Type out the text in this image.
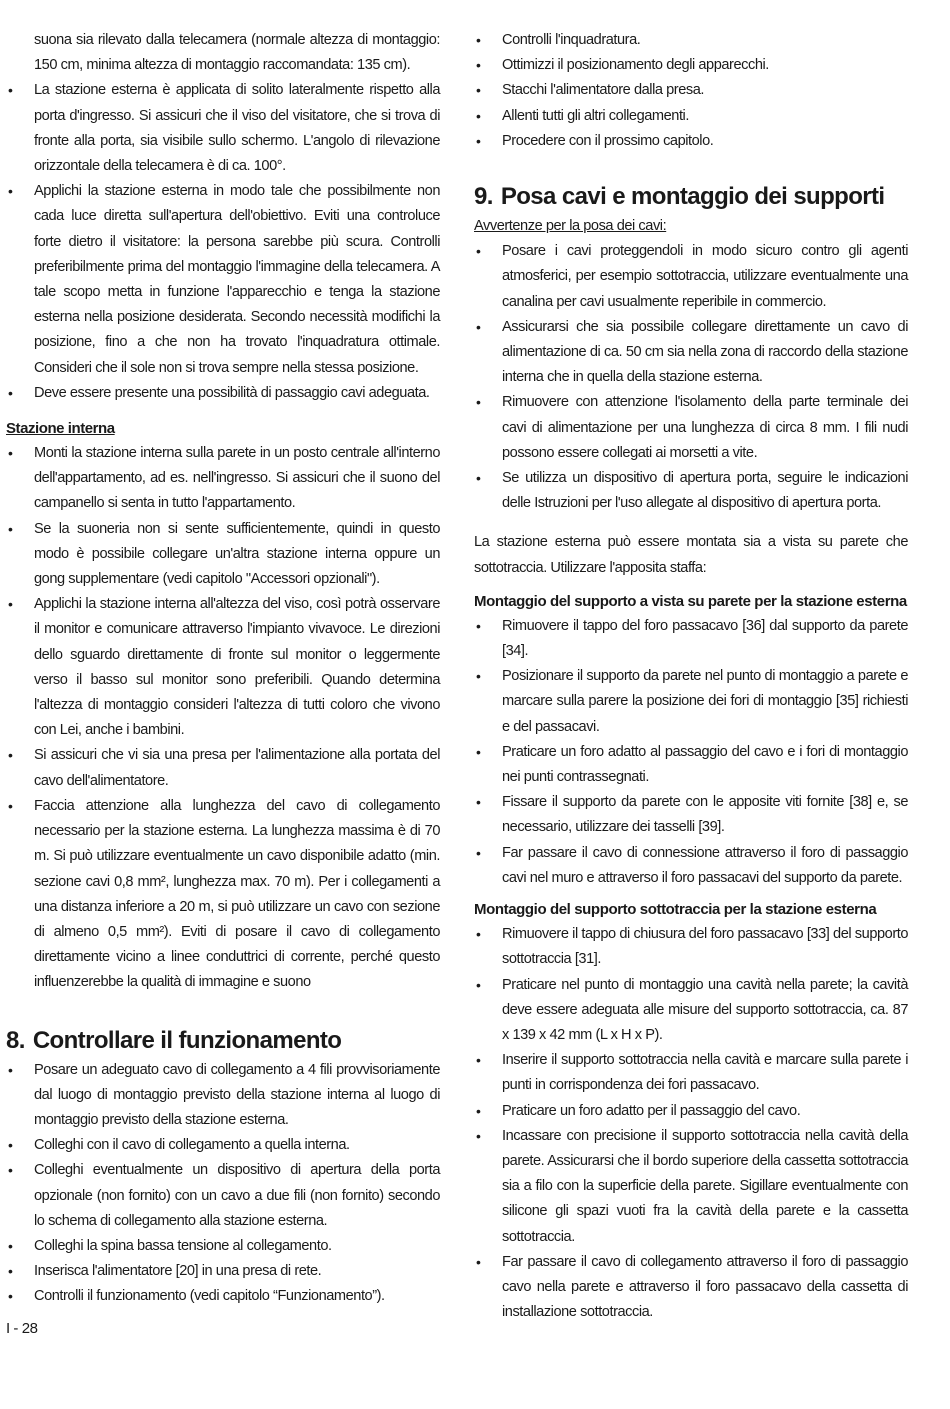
suona sia rilevato dalla telecamera (normale altezza di montaggio: 150 cm, minima altezza di montaggio raccomandata: 135 cm).

• La stazione esterna è applicata di solito lateralmente rispetto alla porta d'ingresso. Si assicuri che il viso del visitatore, che si trova di fronte alla porta, sia visibile sullo schermo. L'angolo di rilevazione orizzontale della telecamera è di ca. 100°.
• Applichi la stazione esterna in modo tale che possibilmente non cada luce diretta sull'apertura dell'obiettivo. Eviti una controluce forte dietro il visitatore: la persona sarebbe più scura. Controlli preferibilmente prima del montaggio l'immagine della telecamera. A tale scopo metta in funzione l'apparecchio e tenga la stazione esterna nella posizione desiderata. Secondo necessità modifichi la posizione, fino a che non ha trovato l'inquadratura ottimale. Consideri che il sole non si trova sempre nella stessa posizione.
• Deve essere presente una possibilità di passaggio cavi adeguata.

Stazione interna

• Monti la stazione interna sulla parete in un posto centrale all'interno dell'appartamento, ad es. nell'ingresso. Si assicuri che il suono del campanello si senta in tutto l'appartamento.
• Se la suoneria non si sente sufficientemente, quindi in questo modo è possibile collegare un'altra stazione interna oppure un gong supplementare (vedi capitolo "Accessori opzionali").
• Applichi la stazione interna all'altezza del viso, così potrà osservare il monitor e comunicare attraverso l'impianto vivavoce. Le direzioni dello sguardo direttamente di fronte sul monitor o leggermente verso il basso sul monitor sono preferibili. Quando determina l'altezza di montaggio consideri l'altezza di tutti coloro che vivono con Lei, anche i bambini.
• Si assicuri che vi sia una presa per l'alimentazione alla portata del cavo dell'alimentatore.
• Faccia attenzione alla lunghezza del cavo di collegamento necessario per la stazione esterna. La lunghezza massima è di 70 m. Si può utilizzare eventualmente un cavo disponibile adatto (min. sezione cavi 0,8 mm², lunghezza max. 70 m). Per i collegamenti a una distanza inferiore a 20 m, si può utilizzare un cavo con sezione di almeno 0,5 mm²). Eviti di posare il cavo di collegamento direttamente vicino a linee conduttrici di corrente, perché questo influenzerebbe la qualità di immagine e suono
8. Controllare il funzionamento
• Posare un adeguato cavo di collegamento a 4 fili provvisoriamente dal luogo di montaggio previsto della stazione interna al luogo di montaggio previsto della stazione esterna.
• Colleghi con il cavo di collegamento a quella interna.
• Colleghi eventualmente un dispositivo di apertura della porta opzionale (non fornito) con un cavo a due fili (non fornito) secondo lo schema di collegamento alla stazione esterna.
• Colleghi la spina bassa tensione al collegamento.
• Inserisca l'alimentatore [20] in una presa di rete.
• Controlli il funzionamento (vedi capitolo “Funzionamento”).
• Controlli l'inquadratura.
• Ottimizzi il posizionamento degli apparecchi.
• Stacchi l'alimentatore dalla presa.
• Allenti tutti gli altri collegamenti.
• Procedere con il prossimo capitolo.
9. Posa cavi e montaggio dei supporti

Avvertenze per la posa dei cavi:

• Posare i cavi proteggendoli in modo sicuro contro gli agenti atmosferici, per esempio sottotraccia, utilizzare eventualmente una canalina per cavi usualmente reperibile in commercio.
• Assicurarsi che sia possibile collegare direttamente un cavo di alimentazione di ca. 50 cm sia nella zona di raccordo della stazione interna che in quella della stazione esterna.
• Rimuovere con attenzione l'isolamento della parte terminale dei cavi di alimentazione per una lunghezza di circa 8 mm. I fili nudi possono essere collegati ai morsetti a vite.
• Se utilizza un dispositivo di apertura porta, seguire le indicazioni delle Istruzioni per l'uso allegate al dispositivo di apertura porta.

La stazione esterna può essere montata sia a vista su parete che sottotraccia. Utilizzare l'apposita staffa:

Montaggio del supporto a vista su parete per la stazione esterna

• Rimuovere il tappo del foro passacavo [36] dal supporto da parete [34].
• Posizionare il supporto da parete nel punto di montaggio a parete e marcare sulla parere la posizione dei fori di montaggio [35] richiesti e del passacavi.
• Praticare un foro adatto al passaggio del cavo e i fori di montaggio nei punti contrassegnati.
• Fissare il supporto da parete con le apposite viti fornite [38] e, se necessario, utilizzare dei tasselli [39].
• Far passare il cavo di connessione attraverso il foro di passaggio cavi nel muro e attraverso il foro passacavi del supporto da parete.

Montaggio del supporto sottotraccia per la stazione esterna

• Rimuovere il tappo di chiusura del foro passacavo [33] del supporto sottotraccia [31].
• Praticare nel punto di montaggio una cavità nella parete; la cavità deve essere adeguata alle misure del supporto sottotraccia, ca. 87 x 139 x 42 mm (L x H x P).
• Inserire il supporto sottotraccia nella cavità e marcare sulla parete i punti in corrispondenza dei fori passacavo.
• Praticare un foro adatto per il passaggio del cavo.
• Incassare con precisione il supporto sottotraccia nella cavità della parete. Assicurarsi che il bordo superiore della cassetta sottotraccia sia a filo con la superficie della parete. Sigillare eventualmente con silicone gli spazi vuoti fra la cavità della parete e la cassetta sottotraccia.
• Far passare il cavo di collegamento attraverso il foro di passaggio cavo nella parete e attraverso il foro passacavo della cassetta di installazione sottotraccia.
I - 28
